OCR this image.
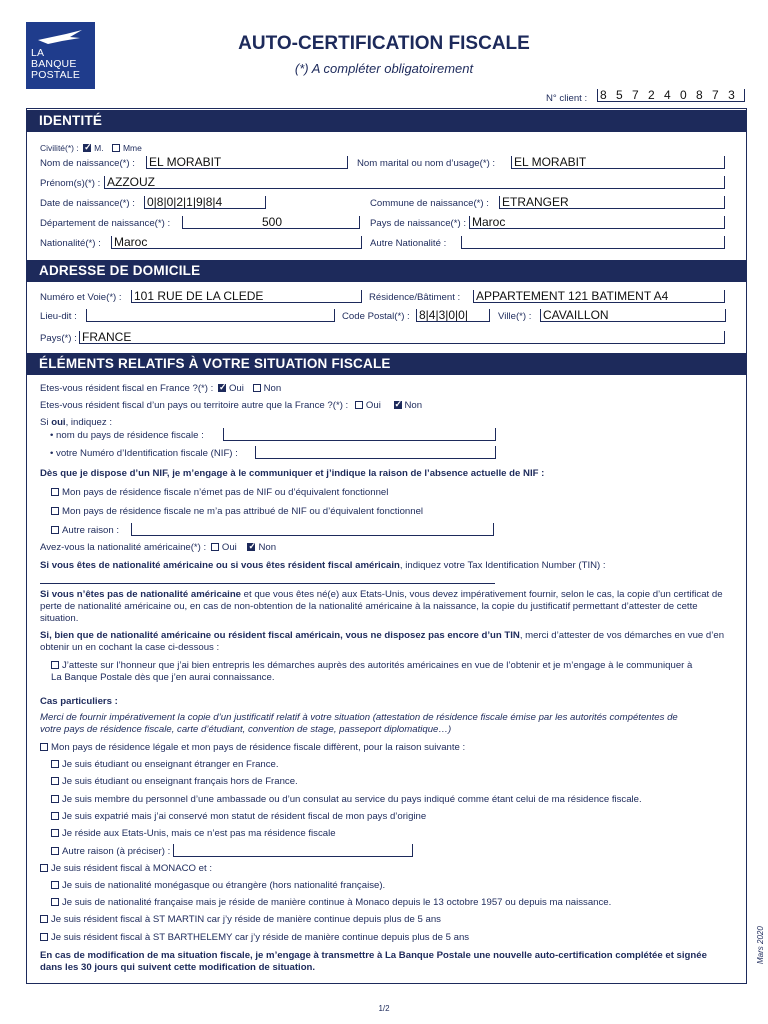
LA
BANQUE
POSTALE
AUTO-CERTIFICATION FISCALE
(*) A compléter obligatoirement
N° client : 8 5 7 2 4 0 8 7 3
IDENTITÉ
Civilité(*) : ✓ M. Mme
Nom de naissance(*) : EL MORABIT	Nom marital ou nom d’usage(*) : EL MORABIT
Prénom(s)(*) : AZZOUZ
Date de naissance(*) : 0|8|0|2|1|9|8|4	Commune de naissance(*) : ETRANGER
Département de naissance(*) :	500	Pays de naissance(*) : Maroc
Nationalité(*) : Maroc	Autre Nationalité :
ADRESSE DE DOMICILE
Numéro et Voie(*) : 101 RUE DE LA CLEDE	Résidence/Bâtiment : APPARTEMENT 121 BATIMENT A4
Lieu-dit :	Code Postal(*) : 8|4|3|0|0|	Ville(*) : CAVAILLON
Pays(*) : FRANCE
ÉLÉMENTS RELATIFS À VOTRE SITUATION FISCALE
Etes-vous résident fiscal en France ?(*) : ✓ Oui Non
Etes-vous résident fiscal d’un pays ou territoire autre que la France ?(*) : Oui ✓ Non
Si oui, indiquez :
• nom du pays de résidence fiscale :
• votre Numéro d’Identification fiscale (NIF) :
Dès que je dispose d’un NIF, je m’engage à le communiquer et j’indique la raison de l’absence actuelle de NIF :
Mon pays de résidence fiscale n’émet pas de NIF ou d’équivalent fonctionnel
Mon pays de résidence fiscale ne m’a pas attribué de NIF ou d’équivalent fonctionnel
Autre raison :
Avez-vous la nationalité américaine(*) : Oui ✓ Non
Si vous êtes de nationalité américaine ou si vous êtes résident fiscal américain, indiquez votre Tax Identification Number (TIN) :
Si vous n’êtes pas de nationalité américaine et que vous êtes né(e) aux Etats-Unis, vous devez impérativement fournir, selon le cas, la copie d’un certificat de perte de nationalité américaine ou, en cas de non-obtention de la nationalité américaine à la naissance, la copie du justificatif permettant d’attester de cette situation.
Si, bien que de nationalité américaine ou résident fiscal américain, vous ne disposez pas encore d’un TIN, merci d’attester de vos démarches en vue d’en obtenir un en cochant la case ci-dessous :
J’atteste sur l’honneur que j’ai bien entrepris les démarches auprès des autorités américaines en vue de l’obtenir et je m’engage à le communiquer à La Banque Postale dès que j’en aurai connaissance.
Cas particuliers :
Merci de fournir impérativement la copie d’un justificatif relatif à votre situation (attestation de résidence fiscale émise par les autorités compétentes de votre pays de résidence fiscale, carte d’étudiant, convention de stage, passeport diplomatique…)
Mon pays de résidence légale et mon pays de résidence fiscale diffèrent, pour la raison suivante :
Je suis étudiant ou enseignant étranger en France.
Je suis étudiant ou enseignant français hors de France.
Je suis membre du personnel d’une ambassade ou d’un consulat au service du pays indiqué comme étant celui de ma résidence fiscale.
Je suis expatrié mais j’ai conservé mon statut de résident fiscal de mon pays d’origine
Je réside aux Etats-Unis, mais ce n’est pas ma résidence fiscale
Autre raison (à préciser) :
Je suis résident fiscal à MONACO et :
Je suis de nationalité monégasque ou étrangère (hors nationalité française).
Je suis de nationalité française mais je réside de manière continue à Monaco depuis le 13 octobre 1957 ou depuis ma naissance.
Je suis résident fiscal à ST MARTIN car j’y réside de manière continue depuis plus de 5 ans
Je suis résident fiscal à ST BARTHELEMY car j’y réside de manière continue depuis plus de 5 ans
En cas de modification de ma situation fiscale, je m’engage à transmettre à La Banque Postale une nouvelle auto-certification complétée et signée dans les 30 jours qui suivent cette modification de situation.
Mars 2020
1/2
